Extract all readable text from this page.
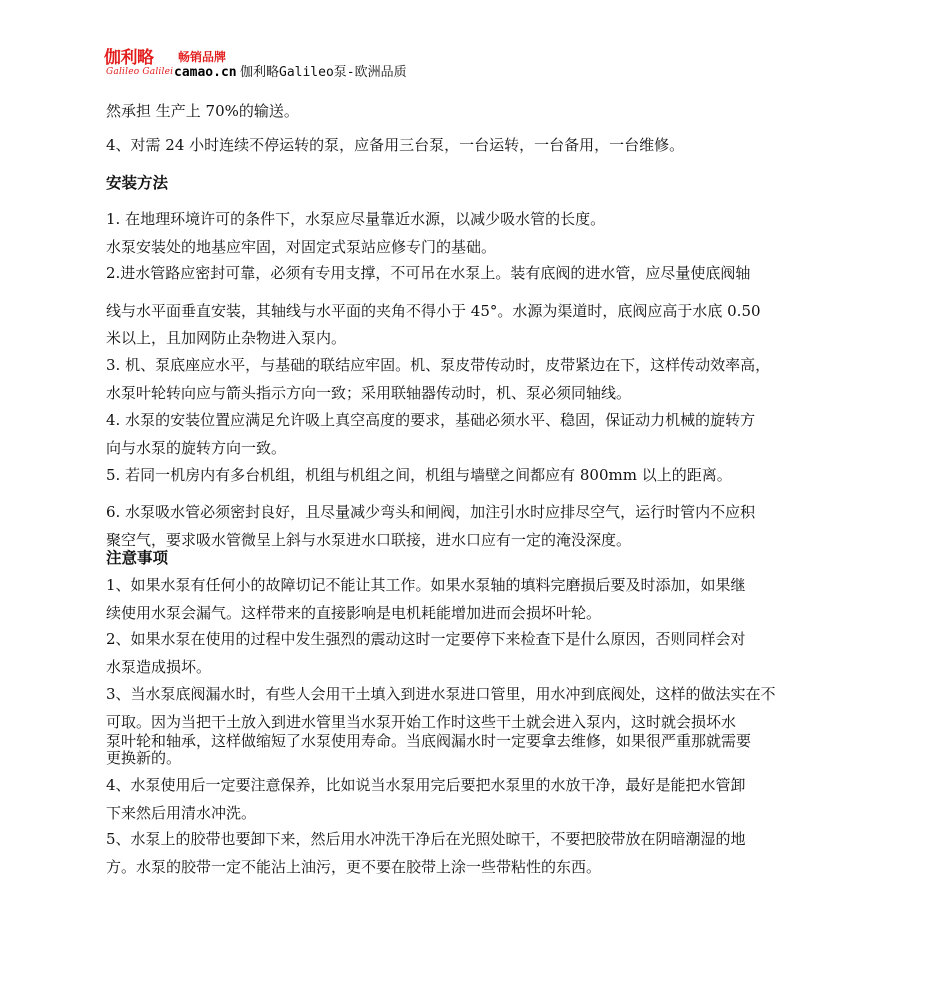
伽利略
Galileo Galilei
畅销品牌
camao.cn 伽利略Galileo泵-欧洲品质
然承担 生产上 70%的输送。
4、对需 24 小时连续不停运转的泵，应备用三台泵，一台运转，一台备用，一台维修。
安装方法
1. 在地理环境许可的条件下，水泵应尽量靠近水源，以减少吸水管的长度。
水泵安装处的地基应牢固，对固定式泵站应修专门的基础。
2.进水管路应密封可靠，必须有专用支撑，不可吊在水泵上。装有底阀的进水管，应尽量使底阀轴
线与水平面垂直安装，其轴线与水平面的夹角不得小于 45°。水源为渠道时，底阀应高于水底 0.50
米以上，且加网防止杂物进入泵内。
3. 机、泵底座应水平，与基础的联结应牢固。机、泵皮带传动时，皮带紧边在下，这样传动效率高，
水泵叶轮转向应与箭头指示方向一致；采用联轴器传动时，机、泵必须同轴线。
4. 水泵的安装位置应满足允许吸上真空高度的要求，基础必须水平、稳固，保证动力机械的旋转方
向与水泵的旋转方向一致。
5. 若同一机房内有多台机组，机组与机组之间，机组与墙壁之间都应有 800mm 以上的距离。
6. 水泵吸水管必须密封良好，且尽量减少弯头和闸阀，加注引水时应排尽空气，运行时管内不应积
聚空气，要求吸水管微呈上斜与水泵进水口联接，进水口应有一定的淹没深度。
注意事项
1、如果水泵有任何小的故障切记不能让其工作。如果水泵轴的填料完磨损后要及时添加，如果继
续使用水泵会漏气。这样带来的直接影响是电机耗能增加进而会损坏叶轮。
2、如果水泵在使用的过程中发生强烈的震动这时一定要停下来检查下是什么原因，否则同样会对
水泵造成损坏。
3、当水泵底阀漏水时，有些人会用干土填入到进水泵进口管里，用水冲到底阀处，这样的做法实在不
可取。因为当把干土放入到进水管里当水泵开始工作时这些干土就会进入泵内，这时就会损坏水
泵叶轮和轴承，这样做缩短了水泵使用寿命。当底阀漏水时一定要拿去维修，如果很严重那就需要
更换新的。
4、水泵使用后一定要注意保养，比如说当水泵用完后要把水泵里的水放干净，最好是能把水管卸
下来然后用清水冲洗。
5、水泵上的胶带也要卸下来，然后用水冲洗干净后在光照处晾干，不要把胶带放在阴暗潮湿的地
方。水泵的胶带一定不能沾上油污，更不要在胶带上涂一些带粘性的东西。
